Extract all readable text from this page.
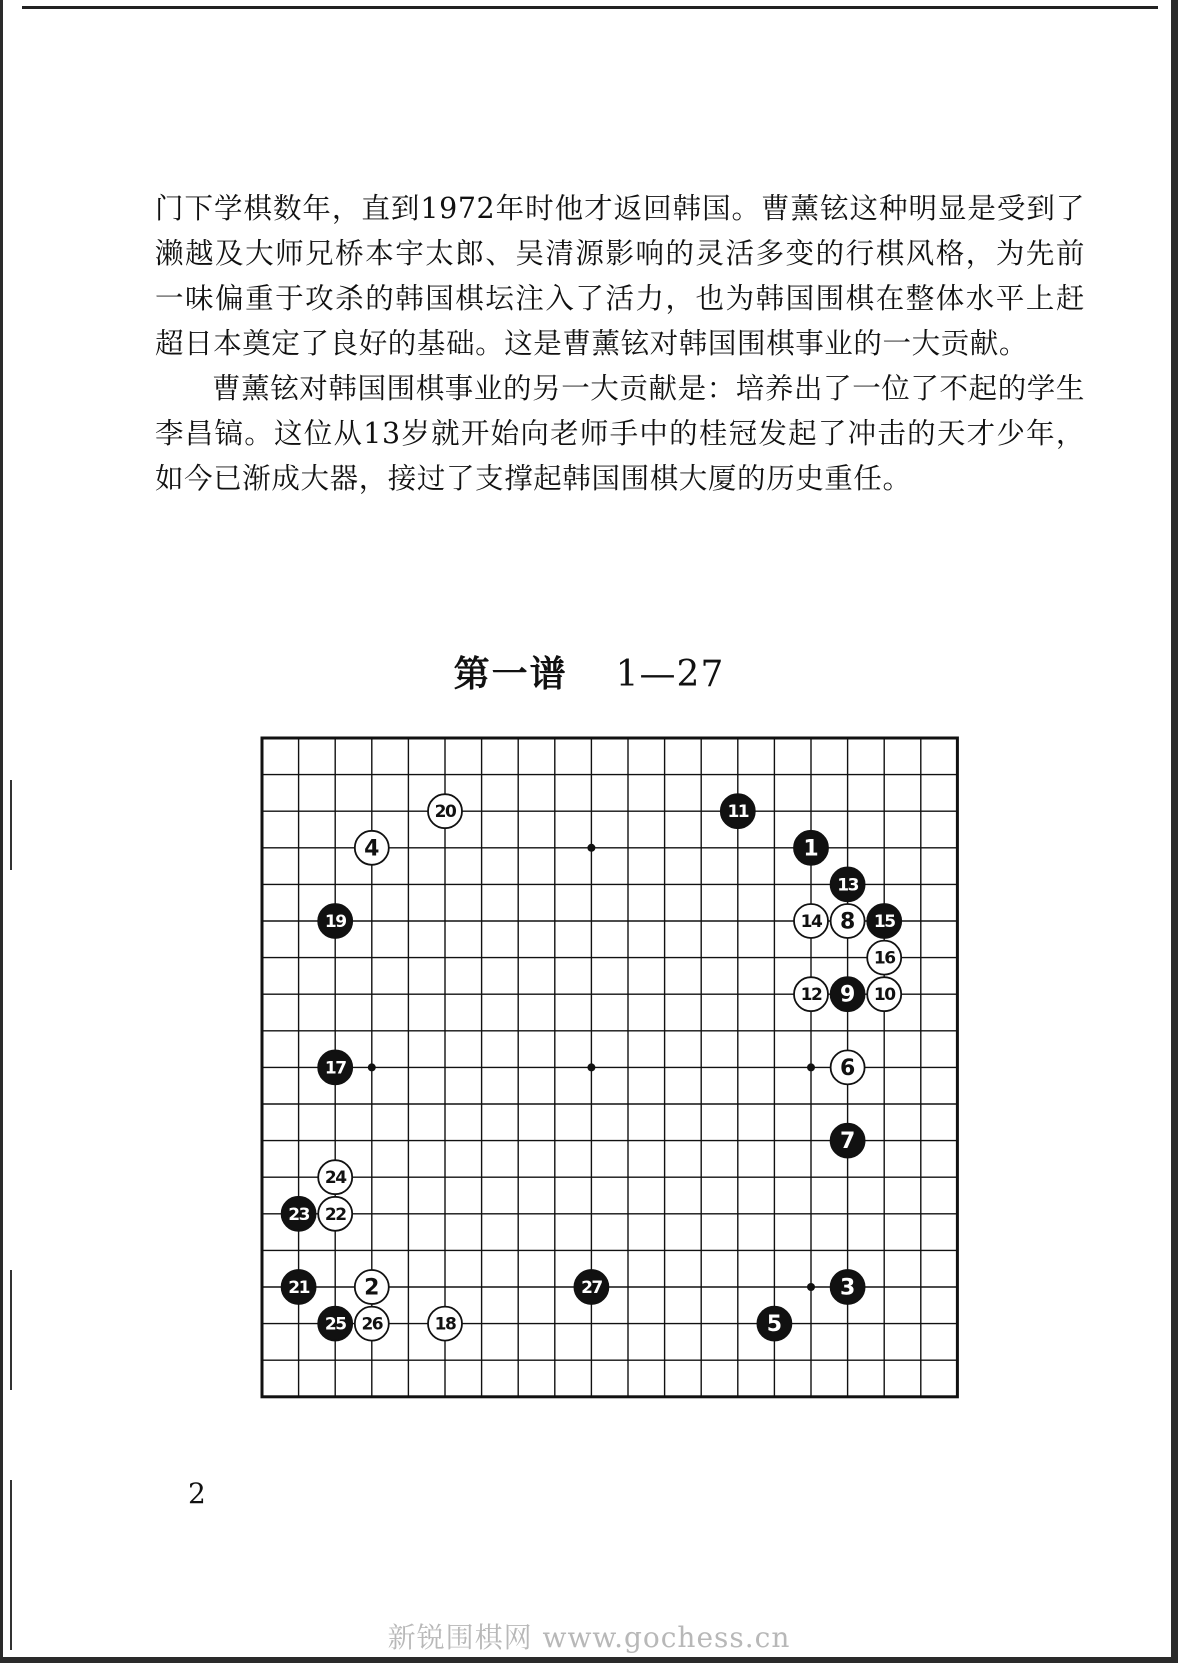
门下学棋数年，直到1972年时他才返回韩国。曹薰铉这种明显是受到了濑越及大师兄桥本宇太郎、吴清源影响的灵活多变的行棋风格，为先前一味偏重于攻杀的韩国棋坛注入了活力，也为韩国围棋在整体水平上赶超日本奠定了良好的基础。这是曹薰铉对韩国围棋事业的一大贡献。

曹薰铉对韩国围棋事业的另一大贡献是：培养出了一位了不起的学生李昌镐。这位从13岁就开始向老师手中的桂冠发起了冲击的天才少年，如今已渐成大器，接过了支撑起韩国围棋大厦的历史重任。

第一谱 1—27
1
2	3
4
5
6
7
8
9 10
11
12
13
14	15
16
17
18
19
20
21
22
23
24
25 26
27
2
新锐围棋网 www.gochess.cn
